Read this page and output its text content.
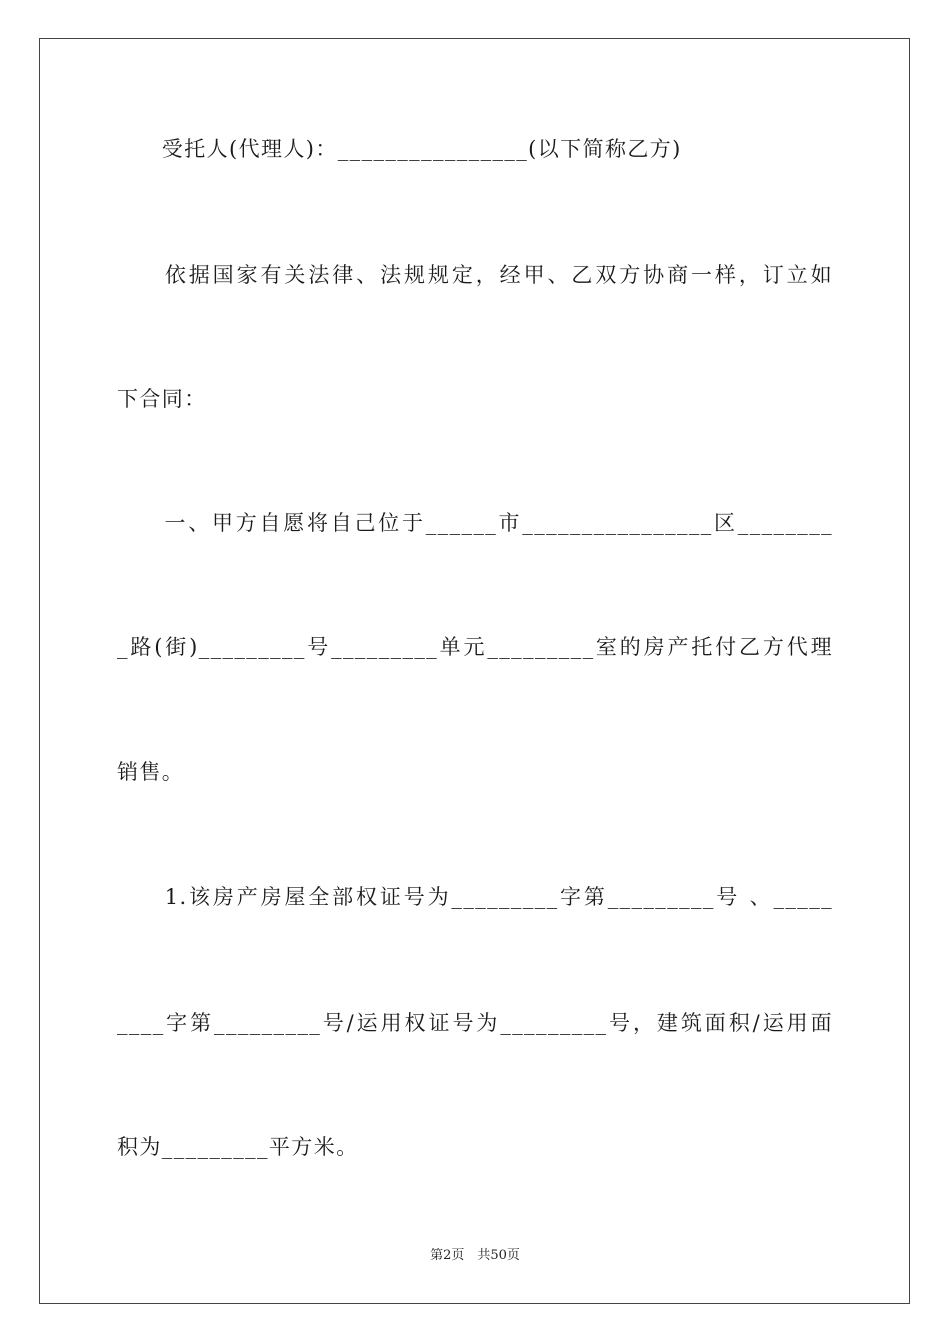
　　受托人(代理人)：________________(以下简称乙方)
　　依据国家有关法律、法规规定，经甲、乙双方协商一样，订立如
下合同：
　　一、甲方自愿将自己位于______市________________区________
_路(街)_________号_________单元_________室的房产托付乙方代理
销售。
　　1.该房产房屋全部权证号为_________字第_________号 、_____
____字第_________号/运用权证号为_________号，建筑面积/运用面
积为_________平方米。
第2页　共50页
